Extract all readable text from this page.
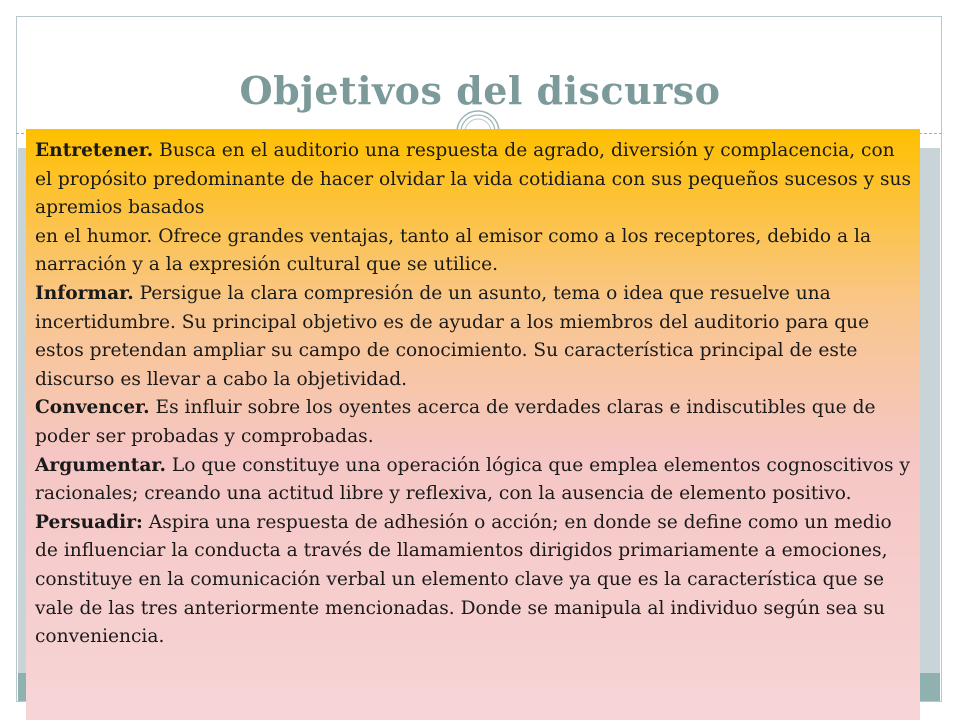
Objetivos del discurso

Entretener. Busca en el auditorio una respuesta de agrado, diversión y complacencia, con el propósito predominante de hacer olvidar la vida cotidiana con sus pequeños sucesos y sus apremios basados

en el humor. Ofrece grandes ventajas, tanto al emisor como a los receptores, debido a la narración y a la expresión cultural que se utilice.

Informar. Persigue la clara compresión de un asunto, tema o idea que resuelve una incertidumbre. Su principal objetivo es de ayudar a los miembros del auditorio para que estos pretendan ampliar su campo de conocimiento. Su característica principal de este discurso es llevar a cabo la objetividad.

Convencer. Es influir sobre los oyentes acerca de verdades claras e indiscutibles que de poder ser probadas y comprobadas.

Argumentar. Lo que constituye una operación lógica que emplea elementos cognoscitivos y racionales; creando una actitud libre y reflexiva, con la ausencia de elemento positivo.

Persuadir: Aspira una respuesta de adhesión o acción; en donde se define como un medio de influenciar la conducta a través de llamamientos dirigidos primariamente a emociones, constituye en la comunicación verbal un elemento clave ya que es la característica que se vale de las tres anteriormente mencionadas. Donde se manipula al individuo según sea su conveniencia.
